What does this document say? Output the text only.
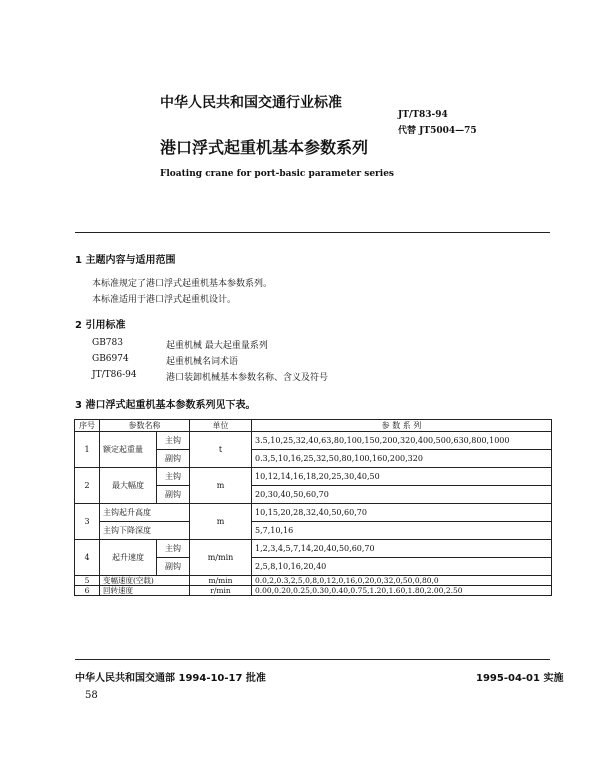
中华人民共和国交通行业标准
JT/T83-94
代替 JT5004—75
港口浮式起重机基本参数系列
Floating crane for port-basic parameter series
1 主题内容与适用范围
本标准规定了港口浮式起重机基本参数系列。
本标准适用于港口浮式起重机设计。
2 引用标准
GB783	起重机械 最大起重量系列
GB6974	起重机械名词术语
JT/T86-94	港口装卸机械基本参数名称、含义及符号
3 港口浮式起重机基本参数系列见下表。
序号	参数名称		单位	参 数 系 列
1	额定起重量	主钩	t	3.5,10,25,32,40,63,80,100,150,200,320,400,500,630,800,1000
		副钩		0.3,5,10,16,25,32,50,80,100,160,200,320
2	最大幅度	主钩	m	10,12,14,16,18,20,25,30,40,50
		副钩		20,30,40,50,60,70
3	主钩起升高度		m	10,15,20,28,32,40,50,60,70
	主钩下降深度			5,7,10,16
4	起升速度	主钩	m/min	1,2,3,4,5,7,14,20,40,50,60,70
		副钩		2,5,8,10,16,20,40
5	变幅速度(空载)		m/min	0.0,2,0.3,2,5,0,8,0,12,0,16,0,20,0,32,0,50,0,80,0
6	回转速度		r/min	0.00,0.20,0.25,0.30,0.40,0.75,1.20,1.60,1.80,2.00,2.50
中华人民共和国交通部 1994-10-17 批准	1995-04-01 实施
58
